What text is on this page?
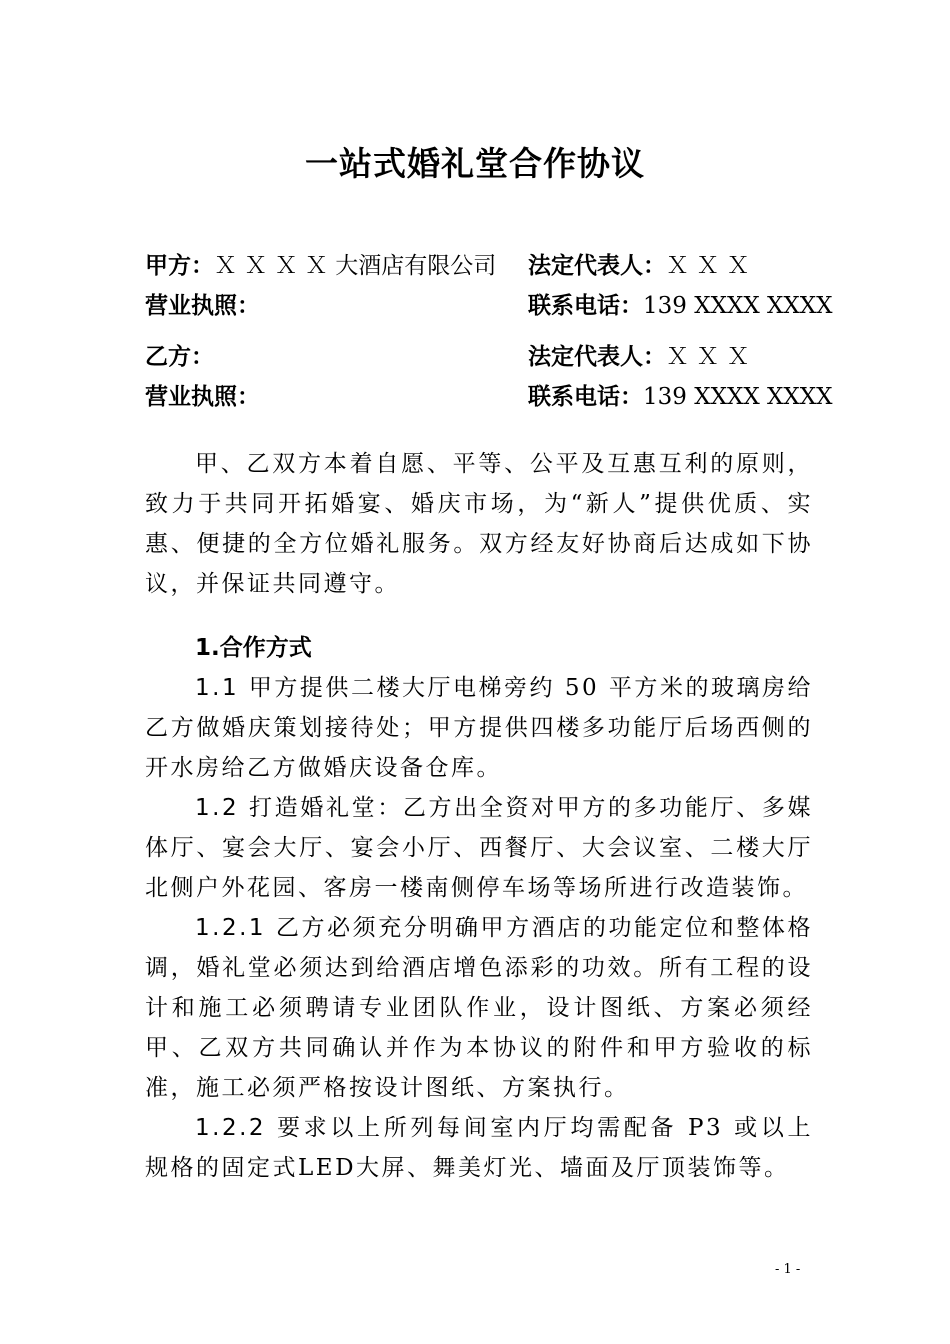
一站式婚礼堂合作协议
甲方：Ｘ Ｘ Ｘ Ｘ 大酒店有限公司 法定代表人：Ｘ Ｘ Ｘ
营业执照：	联系电话：139 XXXX XXXX
乙方：	法定代表人：Ｘ Ｘ Ｘ
营业执照：	联系电话：139 XXXX XXXX

甲、乙双方本着自愿、平等、公平及互惠互利的原则，致力于共同开拓婚宴、婚庆市场，为“新人”提供优质、实惠、便捷的全方位婚礼服务。双方经友好协商后达成如下协议，并保证共同遵守。

1.合作方式

1.1 甲方提供二楼大厅电梯旁约 50 平方米的玻璃房给乙方做婚庆策划接待处；甲方提供四楼多功能厅后场西侧的开水房给乙方做婚庆设备仓库。

1.2 打造婚礼堂：乙方出全资对甲方的多功能厅、多媒体厅、宴会大厅、宴会小厅、西餐厅、大会议室、二楼大厅北侧户外花园、客房一楼南侧停车场等场所进行改造装饰。

1.2.1 乙方必须充分明确甲方酒店的功能定位和整体格调，婚礼堂必须达到给酒店增色添彩的功效。所有工程的设计和施工必须聘请专业团队作业，设计图纸、方案必须经甲、乙双方共同确认并作为本协议的附件和甲方验收的标准，施工必须严格按设计图纸、方案执行。

1.2.2 要求以上所列每间室内厅均需配备 P3 或以上规格的固定式LED大屏、舞美灯光、墙面及厅顶装饰等。

- 1 -
